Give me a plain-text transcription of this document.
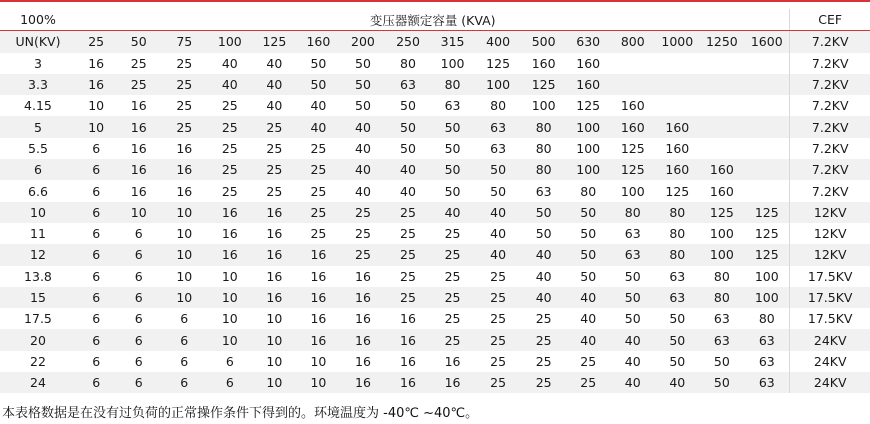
100%	变压器额定容量 (KVA)																CEF
UN(KV)	25	50	75	100	125	160	200	250	315	400	500	630	800	1000	1250	1600	7.2KV
3	16	25	25	40	40	50	50	80	100	125	160	160					7.2KV
3.3	16	25	25	40	40	50	50	63	80	100	125	160					7.2KV
4.15	10	16	25	25	40	40	50	50	63	80	100	125	160				7.2KV
5	10	16	25	25	25	40	40	50	50	63	80	100	160	160			7.2KV
5.5	6	16	16	25	25	25	40	50	50	63	80	100	125	160			7.2KV
6	6	16	16	25	25	25	40	40	50	50	80	100	125	160	160		7.2KV
6.6	6	16	16	25	25	25	40	40	50	50	63	80	100	125	160		7.2KV
10	6	10	10	16	16	25	25	25	40	40	50	50	80	80	125	125	12KV
11	6	6	10	16	16	25	25	25	25	40	50	50	63	80	100	125	12KV
12	6	6	10	16	16	16	25	25	25	40	40	50	63	80	100	125	12KV
13.8	6	6	10	10	16	16	16	25	25	25	40	50	50	63	80	100	17.5KV
15	6	6	10	10	16	16	16	25	25	25	40	40	50	63	80	100	17.5KV
17.5	6	6	6	10	10	16	16	16	25	25	25	40	50	50	63	80	17.5KV
20	6	6	6	10	10	16	16	16	25	25	25	40	40	50	63	63	24KV
22	6	6	6	6	10	10	16	16	16	25	25	25	40	50	50	63	24KV
24	6	6	6	6	10	10	16	16	16	25	25	25	40	40	50	63	24KV
本表格数据是在没有过负荷的正常操作条件下得到的。环境温度为 -40℃ ~40℃。
